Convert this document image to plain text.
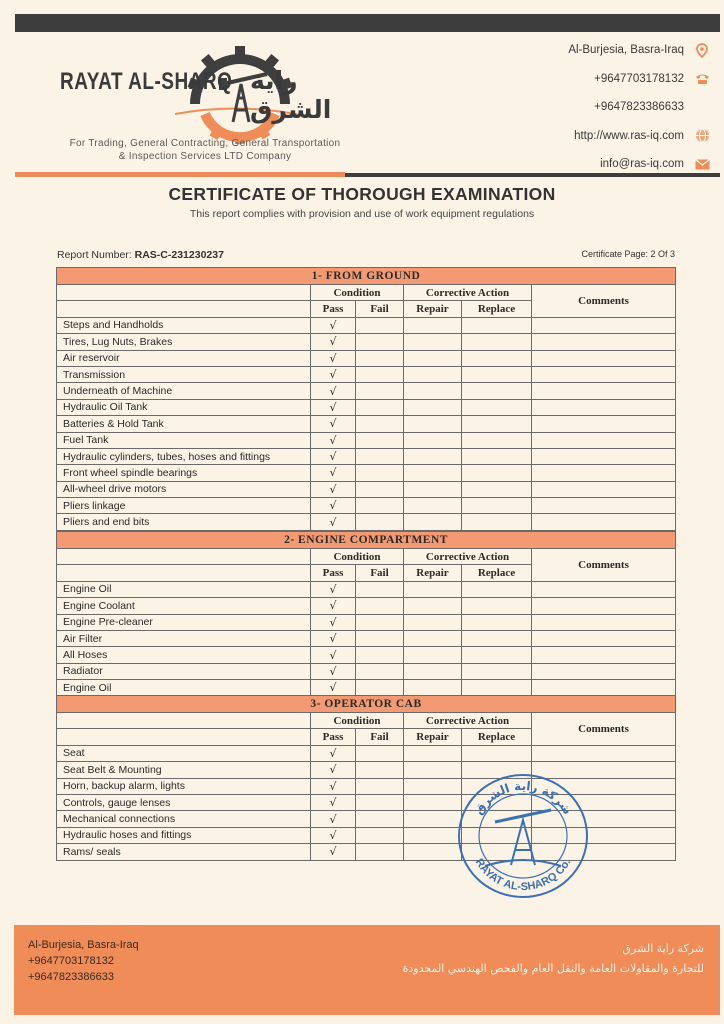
RAYAT AL-SHARQ راية الشرق
For Trading, General Contracting, General Transportation
& Inspection Services LTD Company
Al-Burjesia, Basra-Iraq
+9647703178132
+9647823386633
http://www.ras-iq.com
info@ras-iq.com
CERTIFICATE OF THOROUGH EXAMINATION
This report complies with provision and use of work equipment regulations
Report Number: RAS-C-231230237	Certificate Page: 2 Of 3
1- FROM GROUND					
	Condition		Corrective Action		Comments
	Pass	Fail	Repair	Replace	
Steps and Handholds	√				
Tires, Lug Nuts, Brakes	√				
Air reservoir	√				
Transmission	√				
Underneath of Machine	√				
Hydraulic Oil Tank	√				
Batteries & Hold Tank	√				
Fuel Tank	√				
Hydraulic cylinders, tubes, hoses and fittings	√				
Front wheel spindle bearings	√				
All-wheel drive motors	√				
Pliers linkage	√				
Pliers and end bits	√				
2- ENGINE COMPARTMENT					
	Condition		Corrective Action		Comments
	Pass	Fail	Repair	Replace	
Engine Oil	√				
Engine Coolant	√				
Engine Pre-cleaner	√				
Air Filter	√				
All Hoses	√				
Radiator	√				
Engine Oil	√				
3- OPERATOR CAB					
	Condition		Corrective Action		Comments
	Pass	Fail	Repair	Replace	
Seat	√				
Seat Belt & Mounting	√				
Horn, backup alarm, lights	√				
Controls, gauge lenses	√				
Mechanical connections	√				
Hydraulic hoses and fittings	√				
Rams/ seals	√				
شركة راية الشرق
RAYAT AL-SHARQ Co.
Al-Burjesia, Basra-Iraq
+9647703178132
+9647823386633
شركة راية الشرق
للتجارة والمقاولات العامة والنقل العام والفحص الهندسي المحدودة
